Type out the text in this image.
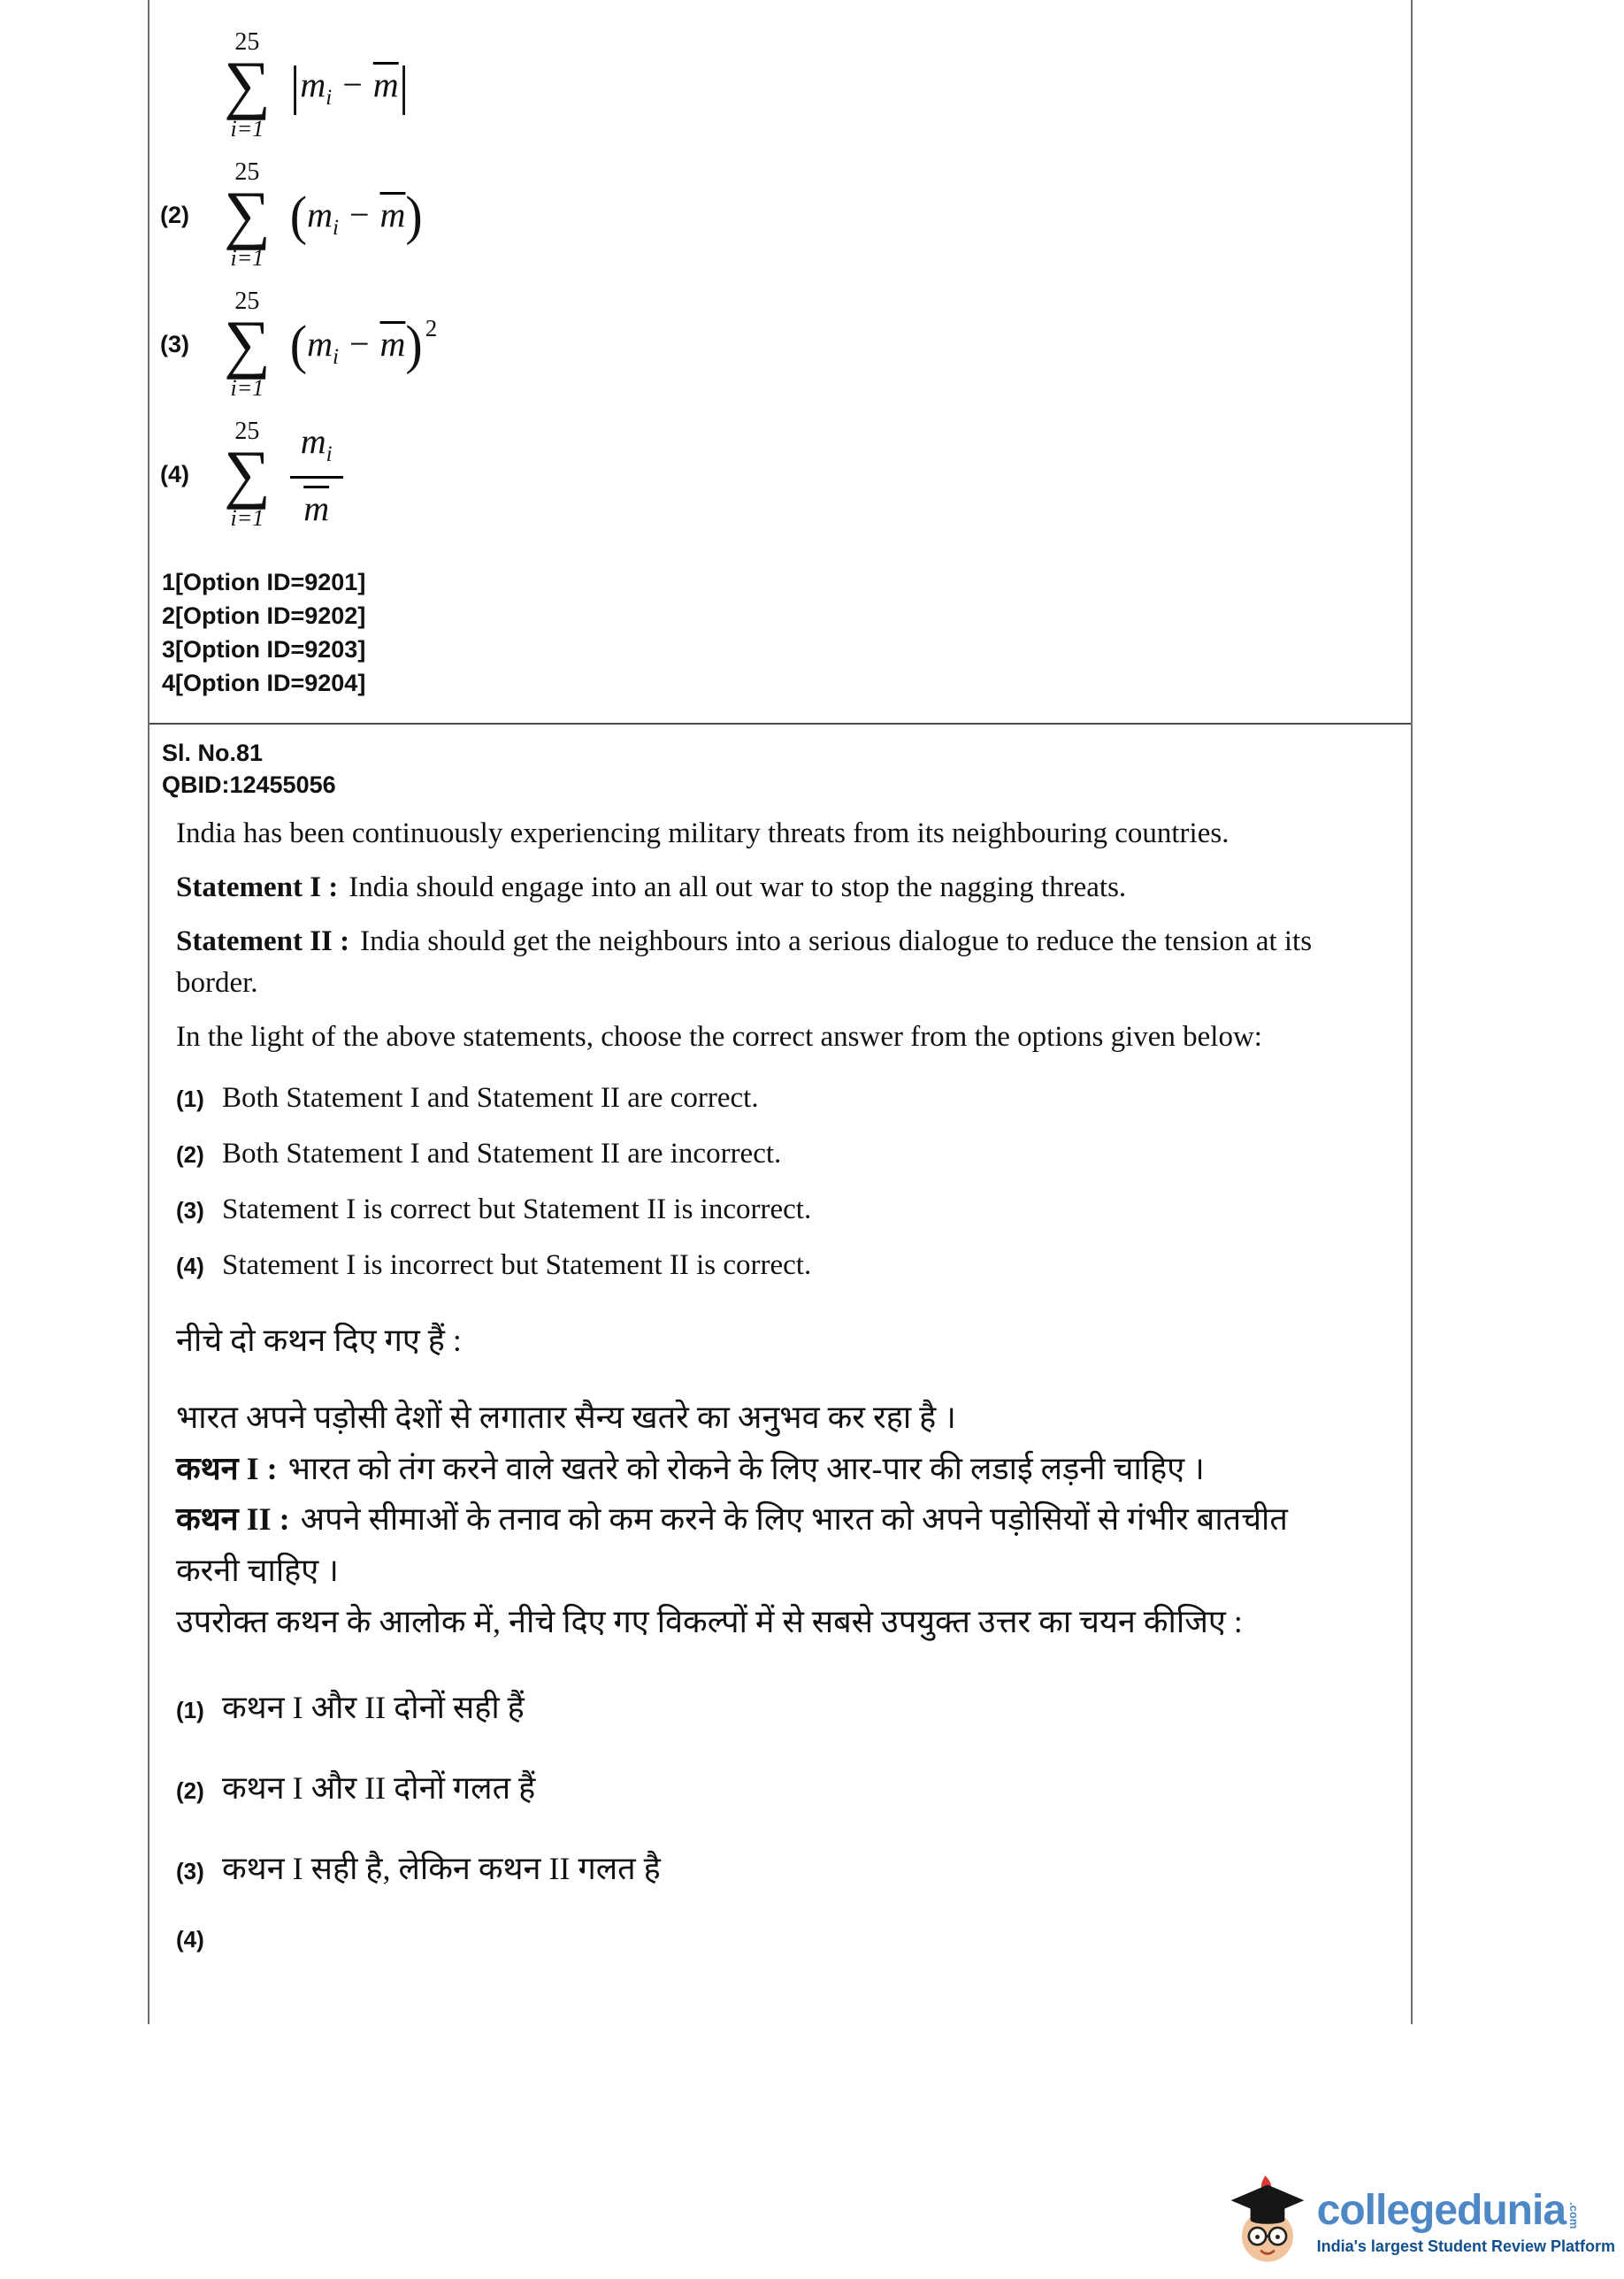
25
∑
i=1
$|m_i - \overline{m}|$
(2)
25
∑
i=1
$(m_i - \overline{m})$
(3)
25
∑
i=1
$(m_i - \overline{m})$ $^2$
(4)
25
∑
$i=1 \frac{m_i}{m}$
1[Option ID=9201]
2[Option ID=9202]
3[Option ID=9203]
4[Option ID=9204]
Sl. No.81
QBID:12455056

India has been continuously experiencing military threats from its neighbouring countries.

Statement I : India should engage into an all out war to stop the nagging threats.

Statement II : India should get the neighbours into a serious dialogue to reduce the tension at its border.

In the light of the above statements, choose the correct answer from the options given below:

(1) Both Statement I and Statement II are correct.
(2) Both Statement I and Statement II are incorrect.
(3) Statement I is correct but Statement II is incorrect.
(4) Statement I is incorrect but Statement II is correct.

नीचे दो कथन दिए गए हैं :

भारत अपने पड़ोसी देशों से लगातार सैन्य खतरे का अनुभव कर रहा है ।

कथन I : भारत को तंग करने वाले खतरे को रोकने के लिए आर-पार की लडाई लड़नी चाहिए ।

कथन II : अपने सीमाओं के तनाव को कम करने के लिए भारत को अपने पड़ोसियों से गंभीर बातचीत करनी चाहिए ।

उपरोक्त कथन के आलोक में, नीचे दिए गए विकल्पों में से सबसे उपयुक्त उत्तर का चयन कीजिए :

(1) कथन I और II दोनों सही हैं
(2) कथन I और II दोनों गलत हैं
(3) कथन I सही है, लेकिन कथन II गलत है
(4)
collegedunia .com
India's largest Student Review Platform
